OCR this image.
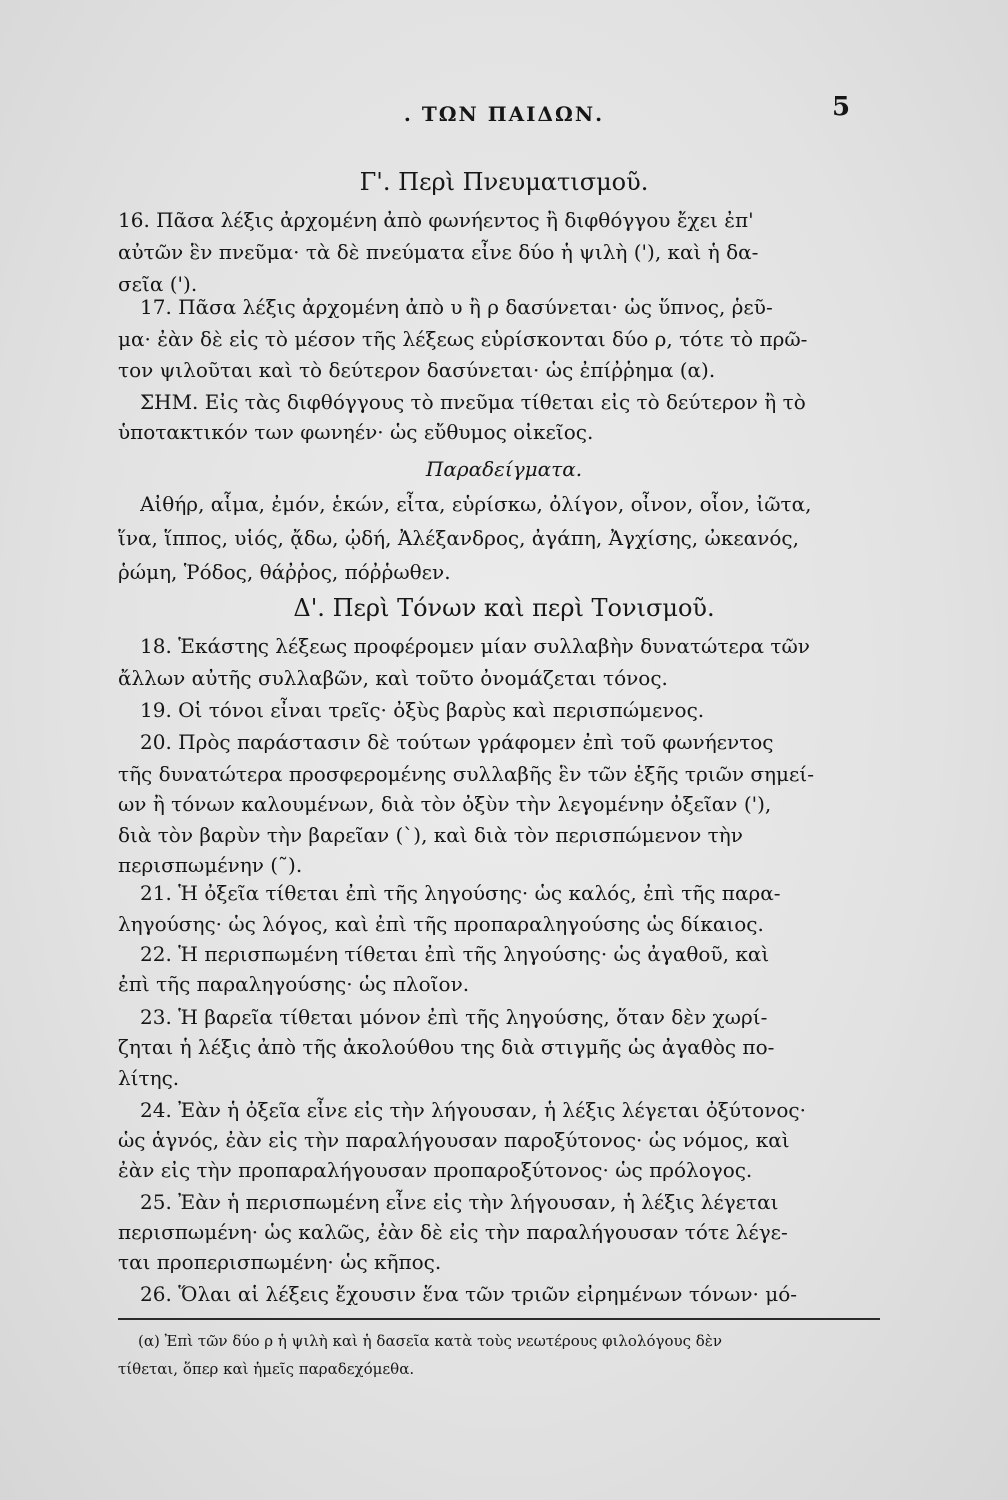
. ΤΩΝ ΠΑΙΔΩΝ.	5
Γ'. Περὶ Πνευματισμοῦ.
16. Πᾶσα λέξις ἀρχομένη ἀπὸ φωνήεντος ἢ διφθόγγου ἔχει ἐπ'
αὐτῶν ἓν πνεῦμα· τὰ δὲ πνεύματα εἶνε δύο ἡ ψιλὴ ('), καὶ ἡ δα-
σεῖα (').
17. Πᾶσα λέξις ἀρχομένη ἀπὸ υ ἢ ρ δασύνεται· ὡς ὕπνος, ῥεῦ-
μα· ἐὰν δὲ εἰς τὸ μέσον τῆς λέξεως εὑρίσκονται δύο ρ, τότε τὸ πρῶ-
τον ψιλοῦται καὶ τὸ δεύτερον δασύνεται· ὡς ἐπίῤῥημα (α).
ΣΗΜ. Εἰς τὰς διφθόγγους τὸ πνεῦμα τίθεται εἰς τὸ δεύτερον ἢ τὸ
ὑποτακτικόν των φωνηέν· ὡς εὔθυμος οἰκεῖος.
Παραδείγματα.
Αἰθήρ, αἷμα, ἐμόν, ἑκών, εἶτα, εὑρίσκω, ὀλίγον, οἶνον, οἷον, ἰῶτα,
ἵνα, ἵππος, υἱός, ᾄδω, ᾠδή, Ἀλέξανδρος, ἀγάπη, Ἀγχίσης, ὠκεανός,
ῥώμη, Ῥόδος, θάῤῥος, πόῤῥωθεν.
Δ'. Περὶ Τόνων καὶ περὶ Τονισμοῦ.
18. Ἑκάστης λέξεως προφέρομεν μίαν συλλαβὴν δυνατώτερα τῶν
ἄλλων αὐτῆς συλλαβῶν, καὶ τοῦτο ὀνομάζεται τόνος.
19. Οἱ τόνοι εἶναι τρεῖς· ὀξὺς βαρὺς καὶ περισπώμενος.
20. Πρὸς παράστασιν δὲ τούτων γράφομεν ἐπὶ τοῦ φωνήεντος
τῆς δυνατώτερα προσφερομένης συλλαβῆς ἓν τῶν ἑξῆς τριῶν σημεί-
ων ἢ τόνων καλουμένων, διὰ τὸν ὀξὺν τὴν λεγομένην ὀξεῖαν ('),
διὰ τὸν βαρὺν τὴν βαρεῖαν (`), καὶ διὰ τὸν περισπώμενον τὴν
περισπωμένην (῀).
21. Ἡ ὀξεῖα τίθεται ἐπὶ τῆς ληγούσης· ὡς καλός, ἐπὶ τῆς παρα-
ληγούσης· ὡς λόγος, καὶ ἐπὶ τῆς προπαραληγούσης ὡς δίκαιος.
22. Ἡ περισπωμένη τίθεται ἐπὶ τῆς ληγούσης· ὡς ἀγαθοῦ, καὶ
ἐπὶ τῆς παραληγούσης· ὡς πλοῖον.
23. Ἡ βαρεῖα τίθεται μόνον ἐπὶ τῆς ληγούσης, ὅταν δὲν χωρί-
ζηται ἡ λέξις ἀπὸ τῆς ἀκολούθου της διὰ στιγμῆς ὡς ἀγαθὸς πο-
λίτης.
24. Ἐὰν ἡ ὀξεῖα εἶνε εἰς τὴν λήγουσαν, ἡ λέξις λέγεται ὀξύτονος·
ὡς ἁγνός, ἐὰν εἰς τὴν παραλήγουσαν παροξύτονος· ὡς νόμος, καὶ
ἐὰν εἰς τὴν προπαραλήγουσαν προπαροξύτονος· ὡς πρόλογος.
25. Ἐὰν ἡ περισπωμένη εἶνε εἰς τὴν λήγουσαν, ἡ λέξις λέγεται
περισπωμένη· ὡς καλῶς, ἐὰν δὲ εἰς τὴν παραλήγουσαν τότε λέγε-
ται προπερισπωμένη· ὡς κῆπος.
26. Ὅλαι αἱ λέξεις ἔχουσιν ἕνα τῶν τριῶν εἰρημένων τόνων· μό-
(α) Ἐπὶ τῶν δύο ρ ἡ ψιλὴ καὶ ἡ δασεῖα κατὰ τοὺς νεωτέρους φιλολόγους δὲν
τίθεται, ὅπερ καὶ ἡμεῖς παραδεχόμεθα.
